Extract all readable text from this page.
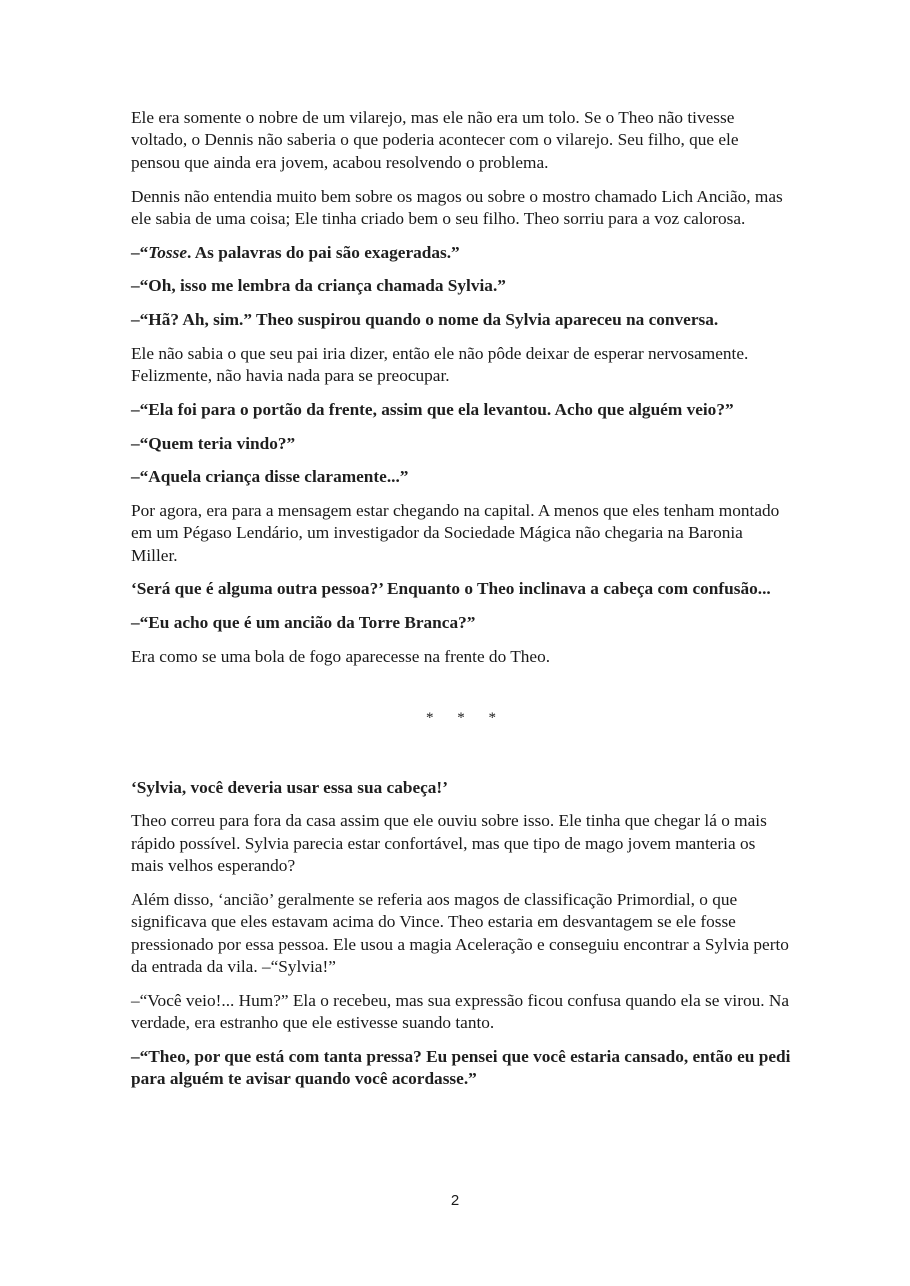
Ele era somente o nobre de um vilarejo, mas ele não era um tolo. Se o Theo não tivesse voltado, o Dennis não saberia o que poderia acontecer com o vilarejo. Seu filho, que ele pensou que ainda era jovem, acabou resolvendo o problema.

Dennis não entendia muito bem sobre os magos ou sobre o mostro chamado Lich Ancião, mas ele sabia de uma coisa; Ele tinha criado bem o seu filho. Theo sorriu para a voz calorosa.

–“Tosse. As palavras do pai são exageradas.”

–“Oh, isso me lembra da criança chamada Sylvia.”

–“Hã? Ah, sim.” Theo suspirou quando o nome da Sylvia apareceu na conversa.

Ele não sabia o que seu pai iria dizer, então ele não pôde deixar de esperar nervosamente. Felizmente, não havia nada para se preocupar.

–“Ela foi para o portão da frente, assim que ela levantou. Acho que alguém veio?”

–“Quem teria vindo?”

–“Aquela criança disse claramente...”

Por agora, era para a mensagem estar chegando na capital. A menos que eles tenham montado em um Pégaso Lendário, um investigador da Sociedade Mágica não chegaria na Baronia Miller.

‘Será que é alguma outra pessoa?’ Enquanto o Theo inclinava a cabeça com confusão...

–“Eu acho que é um ancião da Torre Branca?”

Era como se uma bola de fogo aparecesse na frente do Theo.

* * *

‘Sylvia, você deveria usar essa sua cabeça!’

Theo correu para fora da casa assim que ele ouviu sobre isso. Ele tinha que chegar lá o mais rápido possível. Sylvia parecia estar confortável, mas que tipo de mago jovem manteria os mais velhos esperando?

Além disso, ‘ancião’ geralmente se referia aos magos de classificação Primordial, o que significava que eles estavam acima do Vince. Theo estaria em desvantagem se ele fosse pressionado por essa pessoa. Ele usou a magia Aceleração e conseguiu encontrar a Sylvia perto da entrada da vila. –“Sylvia!”

–“Você veio!... Hum?” Ela o recebeu, mas sua expressão ficou confusa quando ela se virou. Na verdade, era estranho que ele estivesse suando tanto.

–“Theo, por que está com tanta pressa? Eu pensei que você estaria cansado, então eu pedi para alguém te avisar quando você acordasse.”

2
